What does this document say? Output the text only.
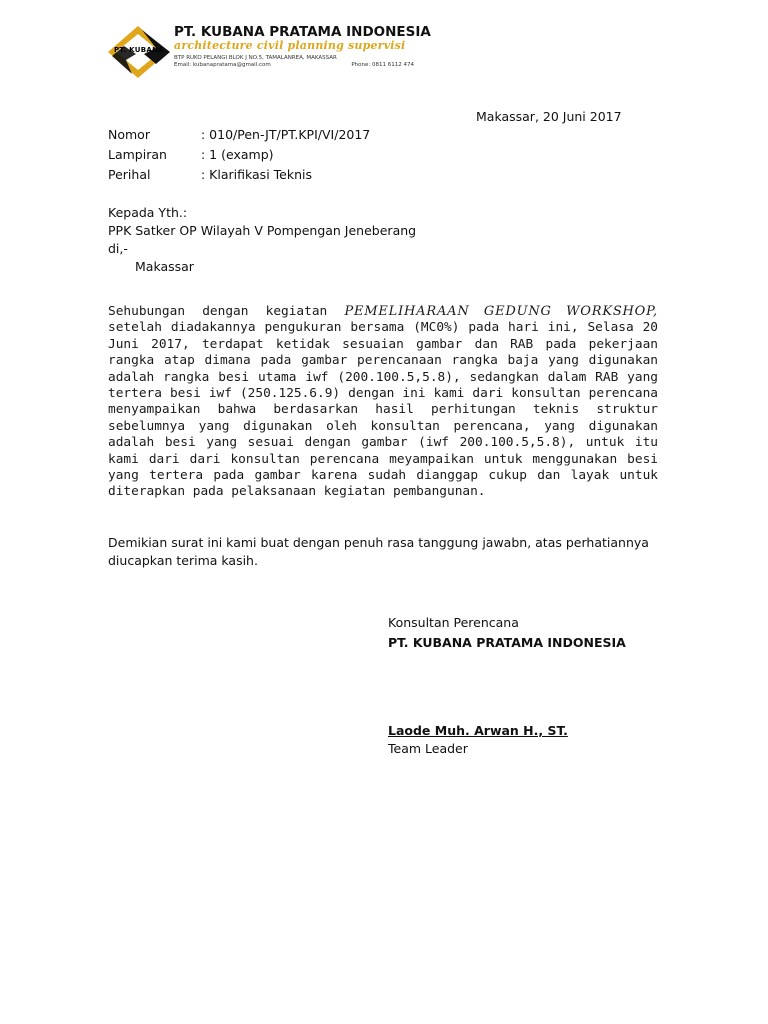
PT. KUBANA
PT. KUBANA PRATAMA INDONESIA
architecture civil planning supervisi
BTP RUKO PELANGI BLOK J NO.5, TAMALANREA, MAKASSAR
Email: kubanapratama@gmail.com	Phone: 0811 6112 474
Makassar, 20 Juni 2017
Nomor	: 010/Pen-JT/PT.KPI/VI/2017
Lampiran	: 1 (examp)
Perihal	: Klarifikasi Teknis
Kepada Yth.:
PPK Satker OP Wilayah V Pompengan Jeneberang
di,-
Makassar
Sehubungan dengan kegiatan PEMELIHARAAN GEDUNG WORKSHOP, setelah diadakannya pengukuran bersama (MC0%) pada hari ini, Selasa 20 Juni 2017, terdapat ketidak sesuaian gambar dan RAB pada pekerjaan rangka atap dimana pada gambar perencanaan rangka baja yang digunakan adalah rangka besi utama iwf (200.100.5,5.8), sedangkan dalam RAB yang tertera besi iwf (250.125.6.9) dengan ini kami dari konsultan perencana menyampaikan bahwa berdasarkan hasil perhitungan teknis struktur sebelumnya yang digunakan oleh konsultan perencana, yang digunakan adalah besi yang sesuai dengan gambar (iwf 200.100.5,5.8), untuk itu kami dari dari konsultan perencana meyampaikan untuk menggunakan besi yang tertera pada gambar karena sudah dianggap cukup dan layak untuk diterapkan pada pelaksanaan kegiatan pembangunan.
Demikian surat ini kami buat dengan penuh rasa tanggung jawabn, atas perhatiannya diucapkan terima kasih.
Konsultan Perencana
PT. KUBANA PRATAMA INDONESIA
Laode Muh. Arwan H., ST.
Team Leader
